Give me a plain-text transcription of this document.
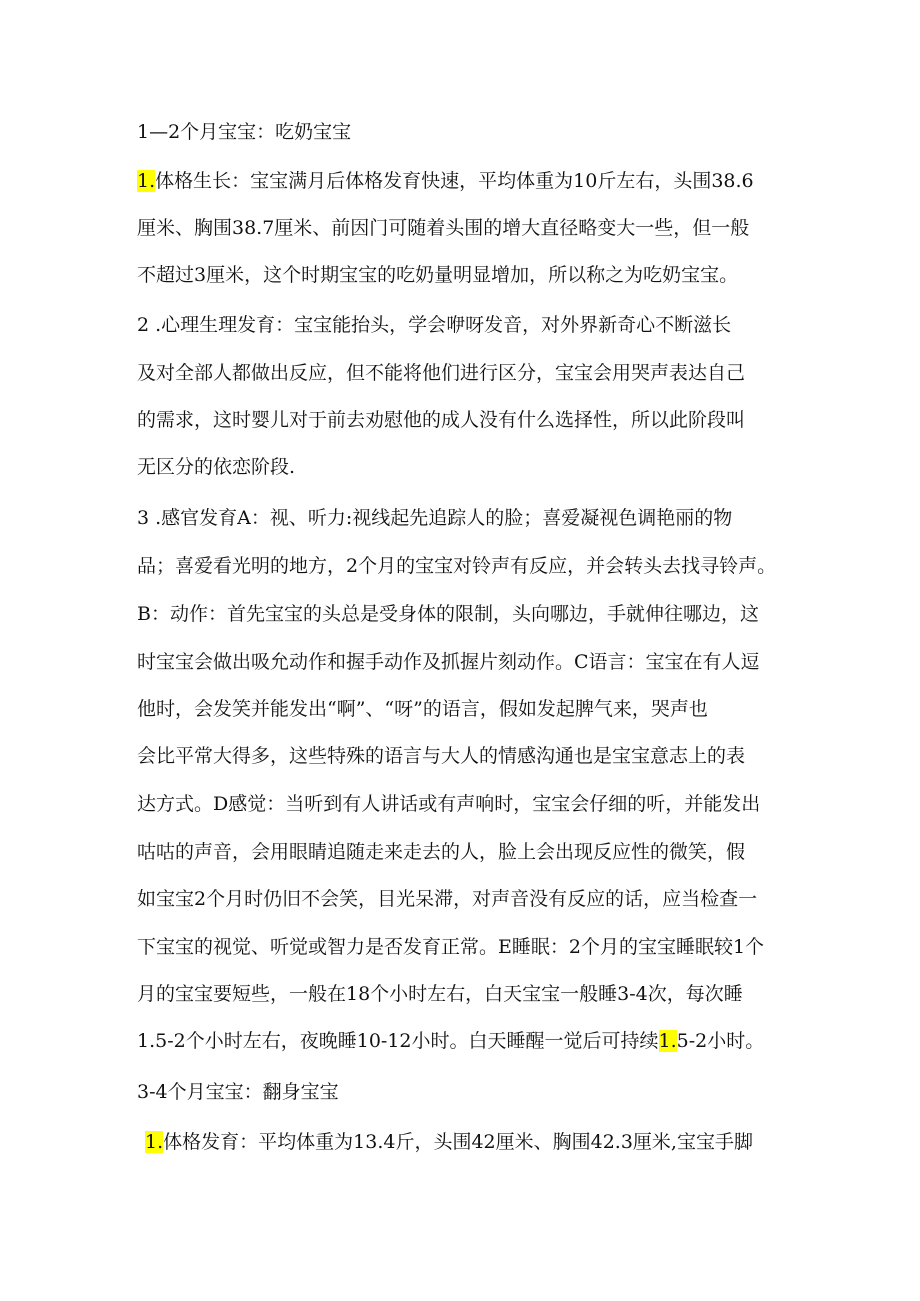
1—2个月宝宝：吃奶宝宝
1.体格生长：宝宝满月后体格发育快速，平均体重为10斤左右，头围38.6
厘米、胸围38.7厘米、前因门可随着头围的增大直径略变大一些，但一般
不超过3厘米，这个时期宝宝的吃奶量明显增加，所以称之为吃奶宝宝。
2 .心理生理发育：宝宝能抬头，学会咿呀发音，对外界新奇心不断滋长
及对全部人都做出反应，但不能将他们进行区分，宝宝会用哭声表达自己
的需求，这时婴儿对于前去劝慰他的成人没有什么选择性，所以此阶段叫
无区分的依恋阶段.
3 .感官发育A：视、听力:视线起先追踪人的脸；喜爱凝视色调艳丽的物
品；喜爱看光明的地方，2个月的宝宝对铃声有反应，并会转头去找寻铃声。
B：动作：首先宝宝的头总是受身体的限制，头向哪边，手就伸往哪边，这
时宝宝会做出吸允动作和握手动作及抓握片刻动作。C语言：宝宝在有人逗
他时，会发笑并能发出“啊”、“呀”的语言，假如发起脾气来，哭声也
会比平常大得多，这些特殊的语言与大人的情感沟通也是宝宝意志上的表
达方式。D感觉：当听到有人讲话或有声响时，宝宝会仔细的听，并能发出
咕咕的声音，会用眼睛追随走来走去的人，脸上会出现反应性的微笑，假
如宝宝2个月时仍旧不会笑，目光呆滞，对声音没有反应的话，应当检查一
下宝宝的视觉、听觉或智力是否发育正常。E睡眠：2个月的宝宝睡眠较1个
月的宝宝要短些，一般在18个小时左右，白天宝宝一般睡3-4次，每次睡
1.5-2个小时左右，夜晚睡10-12小时。白天睡醒一觉后可持续1.5-2小时。
3-4个月宝宝：翻身宝宝
1.体格发育：平均体重为13.4斤，头围42厘米、胸围42.3厘米,宝宝手脚
